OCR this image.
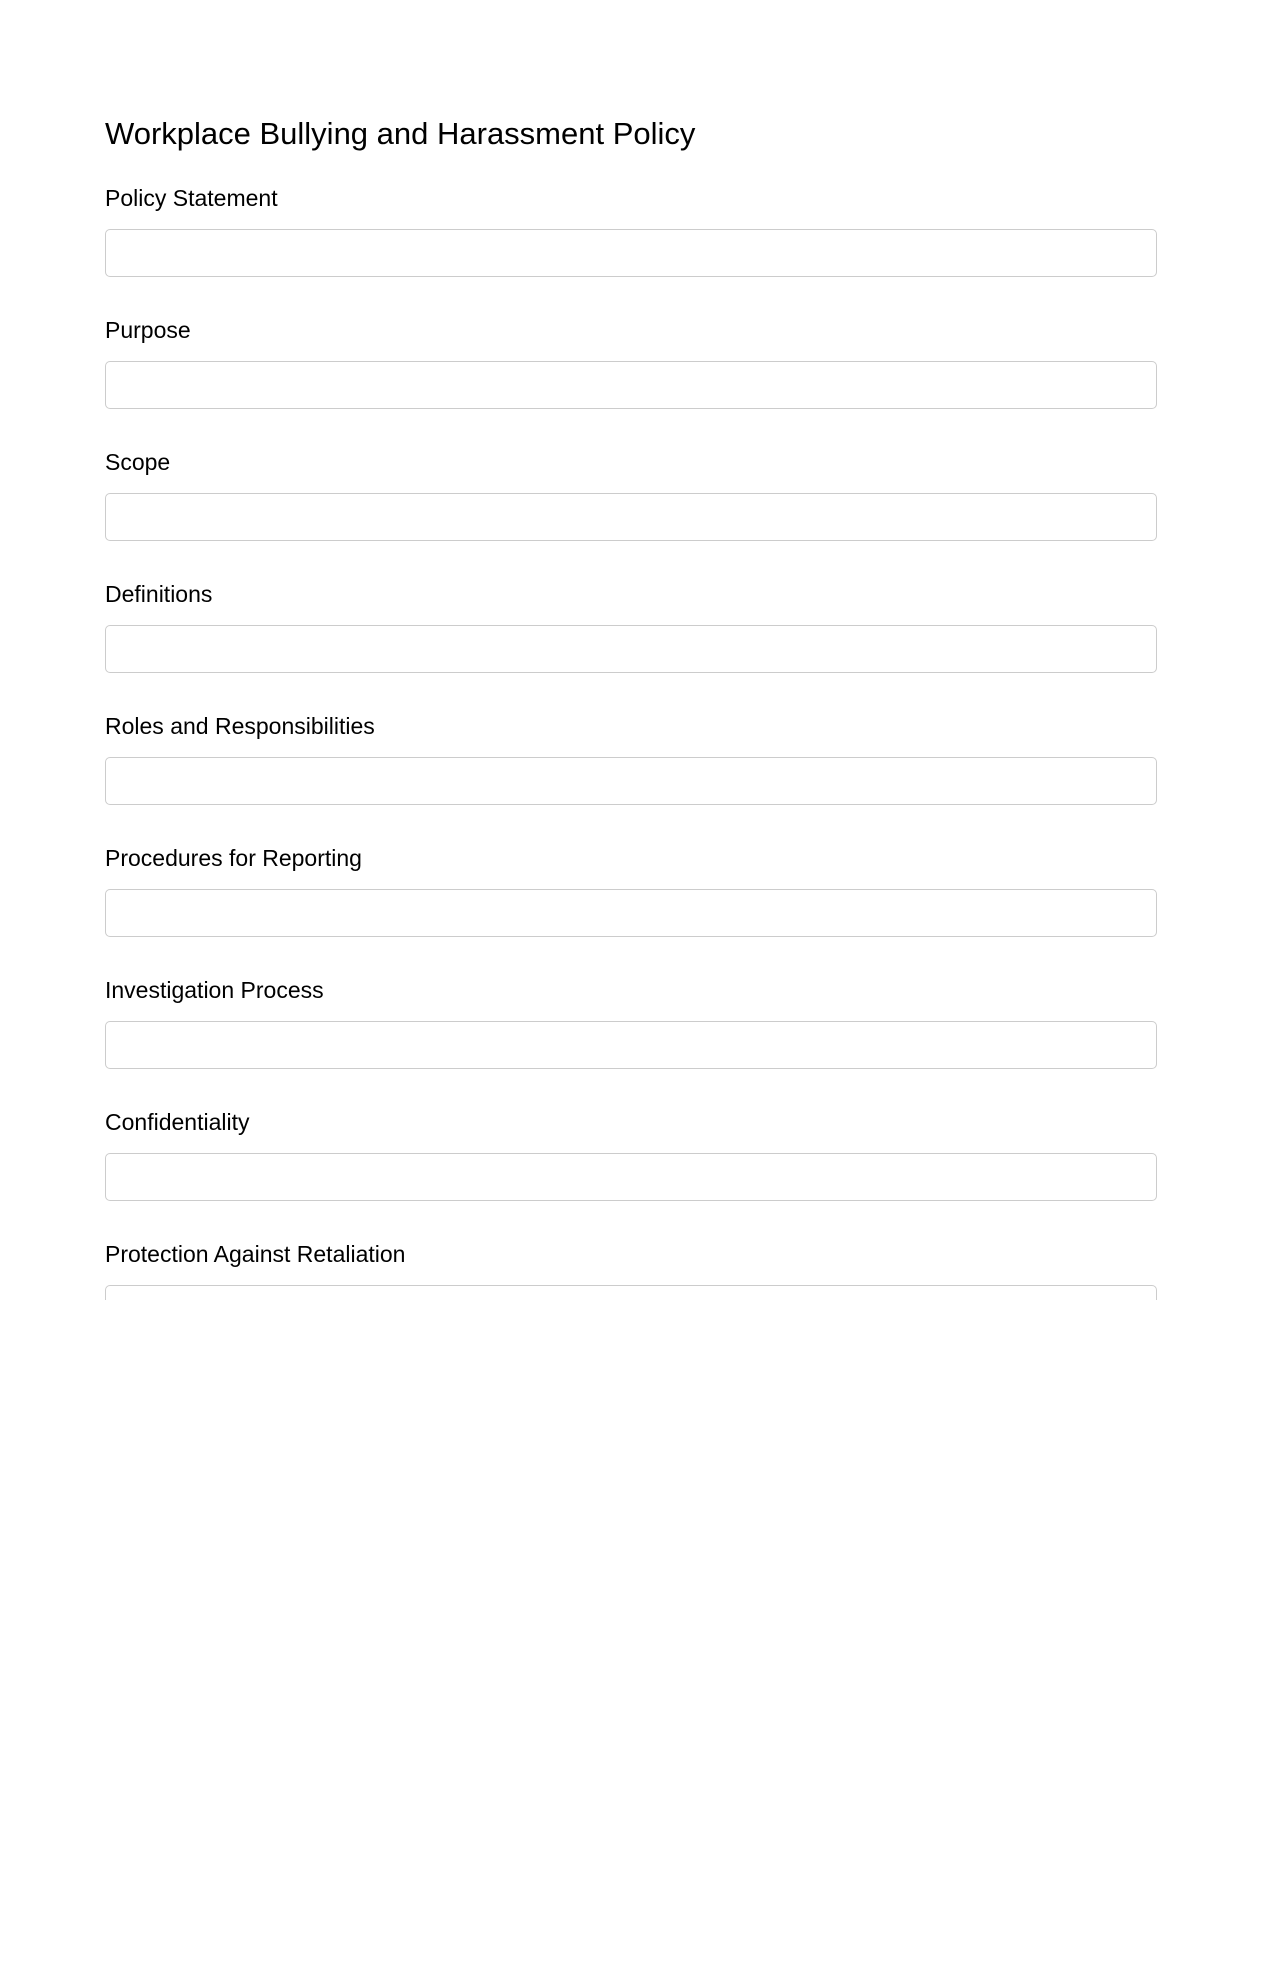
Workplace Bullying and Harassment Policy
Policy Statement
Purpose
Scope
Definitions
Roles and Responsibilities
Procedures for Reporting
Investigation Process
Confidentiality
Protection Against Retaliation
